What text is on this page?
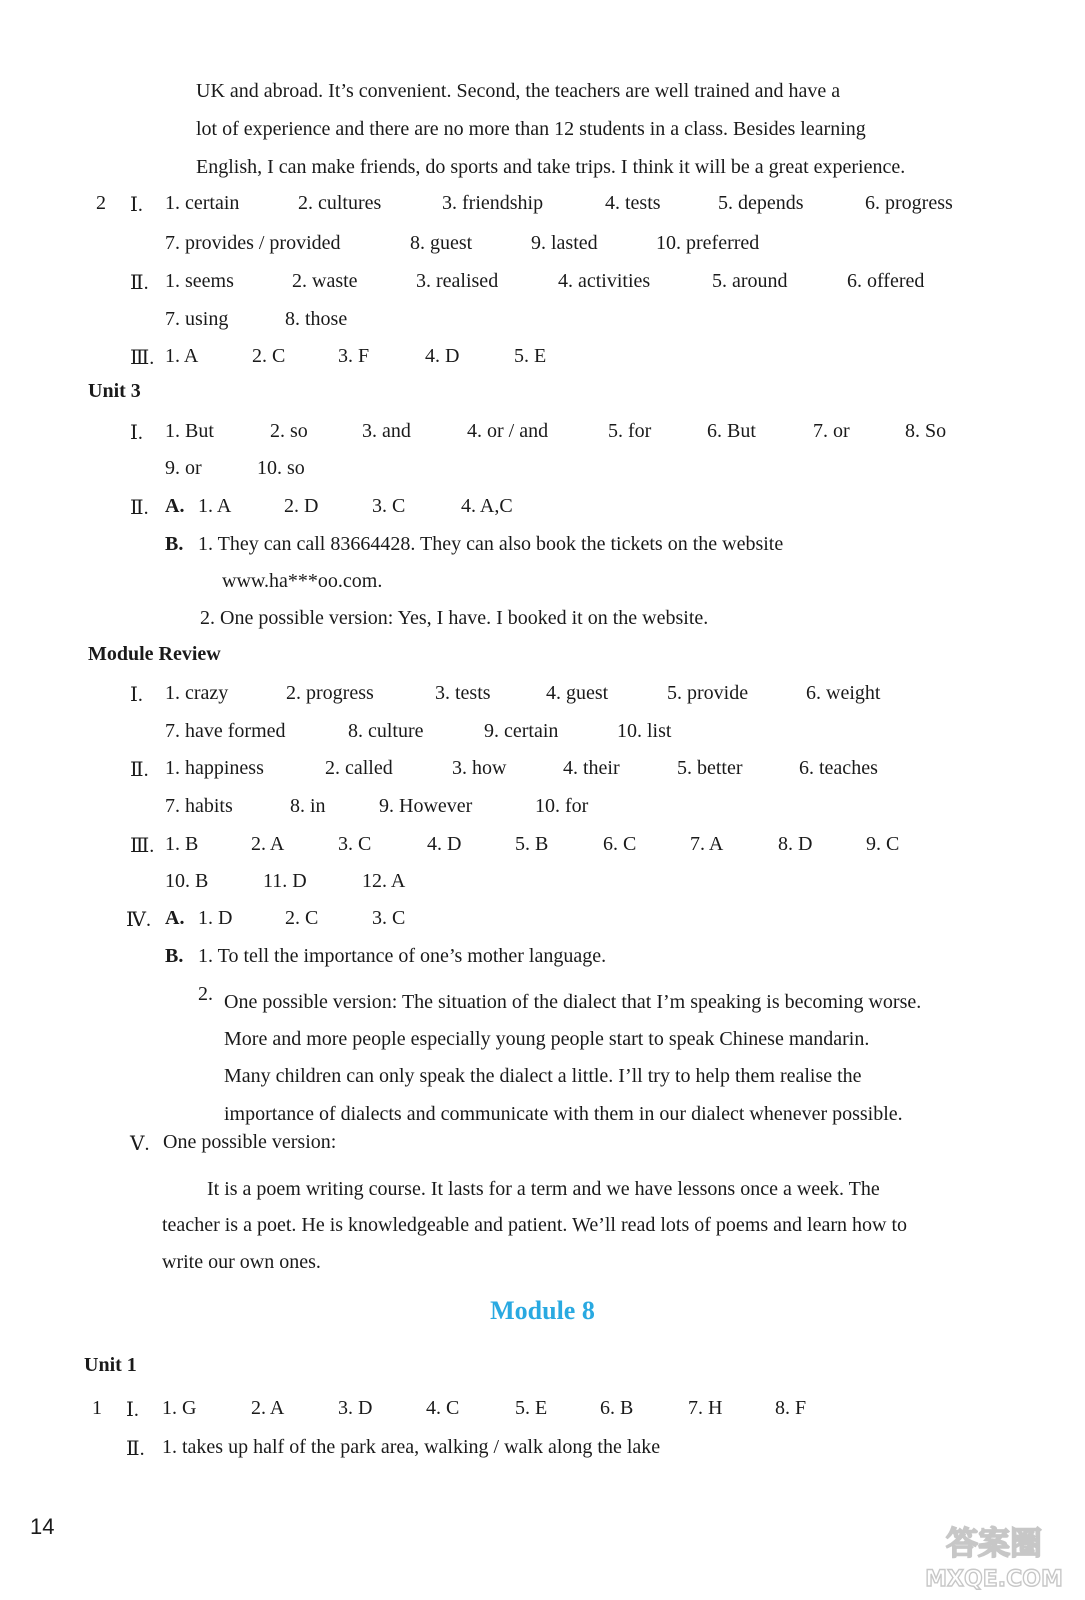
UK and abroad. It’s convenient. Second, the teachers are well trained and have a
lot of experience and there are no more than 12 students in a class. Besides learning
English, I can make friends, do sports and take trips. I think it will be a great experience.
2 Ⅰ. 1. certain	2. cultures	3. friendship	4. tests	5. depends	6. progress
7. provides / provided	8. guest	9. lasted	10. preferred
Ⅱ. 1. seems	2. waste	3. realised	4. activities	5. around	6. offered
7. using	8. those
Ⅲ. 1. A	2. C	3. F	4. D	5. E
Unit 3
Ⅰ. 1. But	2. so	3. and	4. or / and	5. for	6. But	7. or	8. So
9. or	10. so
Ⅱ. A. 1. A	2. D	3. C	4. A,C
B. 1. They can call 83664428. They can also book the tickets on the website
www.ha***oo.com.
2. One possible version: Yes, I have. I booked it on the website.
Module Review
Ⅰ. 1. crazy	2. progress	3. tests	4. guest	5. provide	6. weight
7. have formed	8. culture	9. certain	10. list
Ⅱ. 1. happiness	2. called	3. how	4. their	5. better	6. teaches
7. habits	8. in	9. However	10. for
Ⅲ. 1. B	2. A	3. C	4. D	5. B	6. C	7. A	8. D	9. C
10. B	11. D	12. A
Ⅳ. A. 1. D	2. C	3. C
B. 1. To tell the importance of one’s mother language.
2. One possible version: The situation of the dialect that I’m speaking is becoming worse.
More and more people especially young people start to speak Chinese mandarin.
Many children can only speak the dialect a little. I’ll try to help them realise the
importance of dialects and communicate with them in our dialect whenever possible.
Ⅴ. One possible version:
It is a poem writing course. It lasts for a term and we have lessons once a week. The
teacher is a poet. He is knowledgeable and patient. We’ll read lots of poems and learn how to
write our own ones.
Module 8
Unit 1
1 Ⅰ. 1. G	2. A	3. D	4. C	5. E	6. B	7. H	8. F
Ⅱ. 1. takes up half of the park area, walking / walk along the lake
14	答案圈
MXQE.COM
